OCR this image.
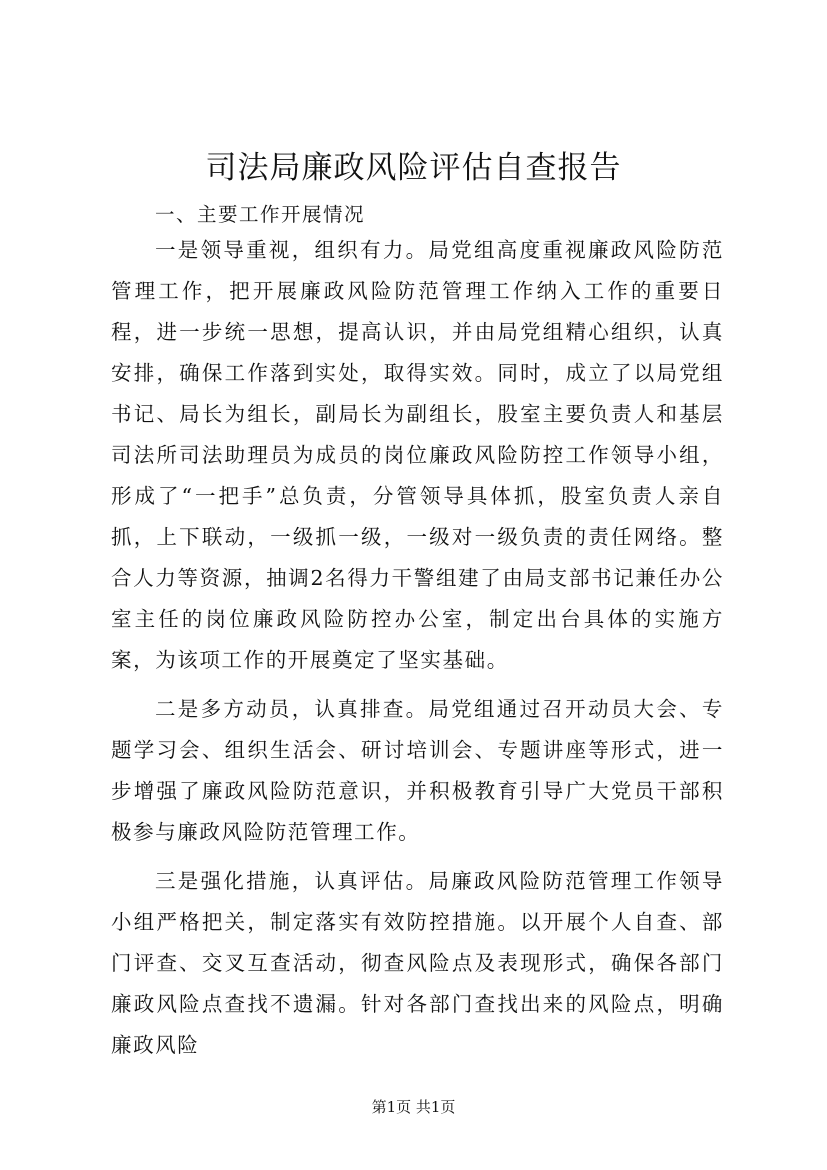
司法局廉政风险评估自查报告

一、主要工作开展情况

一是领导重视，组织有力。局党组高度重视廉政风险防范管理工作，把开展廉政风险防范管理工作纳入工作的重要日程，进一步统一思想，提高认识，并由局党组精心组织，认真安排，确保工作落到实处，取得实效。同时，成立了以局党组书记、局长为组长，副局长为副组长，股室主要负责人和基层司法所司法助理员为成员的岗位廉政风险防控工作领导小组，形成了“一把手”总负责，分管领导具体抓，股室负责人亲自抓，上下联动，一级抓一级，一级对一级负责的责任网络。整合人力等资源，抽调2名得力干警组建了由局支部书记兼任办公室主任的岗位廉政风险防控办公室，制定出台具体的实施方案，为该项工作的开展奠定了坚实基础。

二是多方动员，认真排查。局党组通过召开动员大会、专题学习会、组织生活会、研讨培训会、专题讲座等形式，进一步增强了廉政风险防范意识，并积极教育引导广大党员干部积极参与廉政风险防范管理工作。

三是强化措施，认真评估。局廉政风险防范管理工作领导小组严格把关，制定落实有效防控措施。以开展个人自查、部门评查、交叉互查活动，彻查风险点及表现形式，确保各部门廉政风险点查找不遗漏。针对各部门查找出来的风险点，明确廉政风险

第1页 共1页
